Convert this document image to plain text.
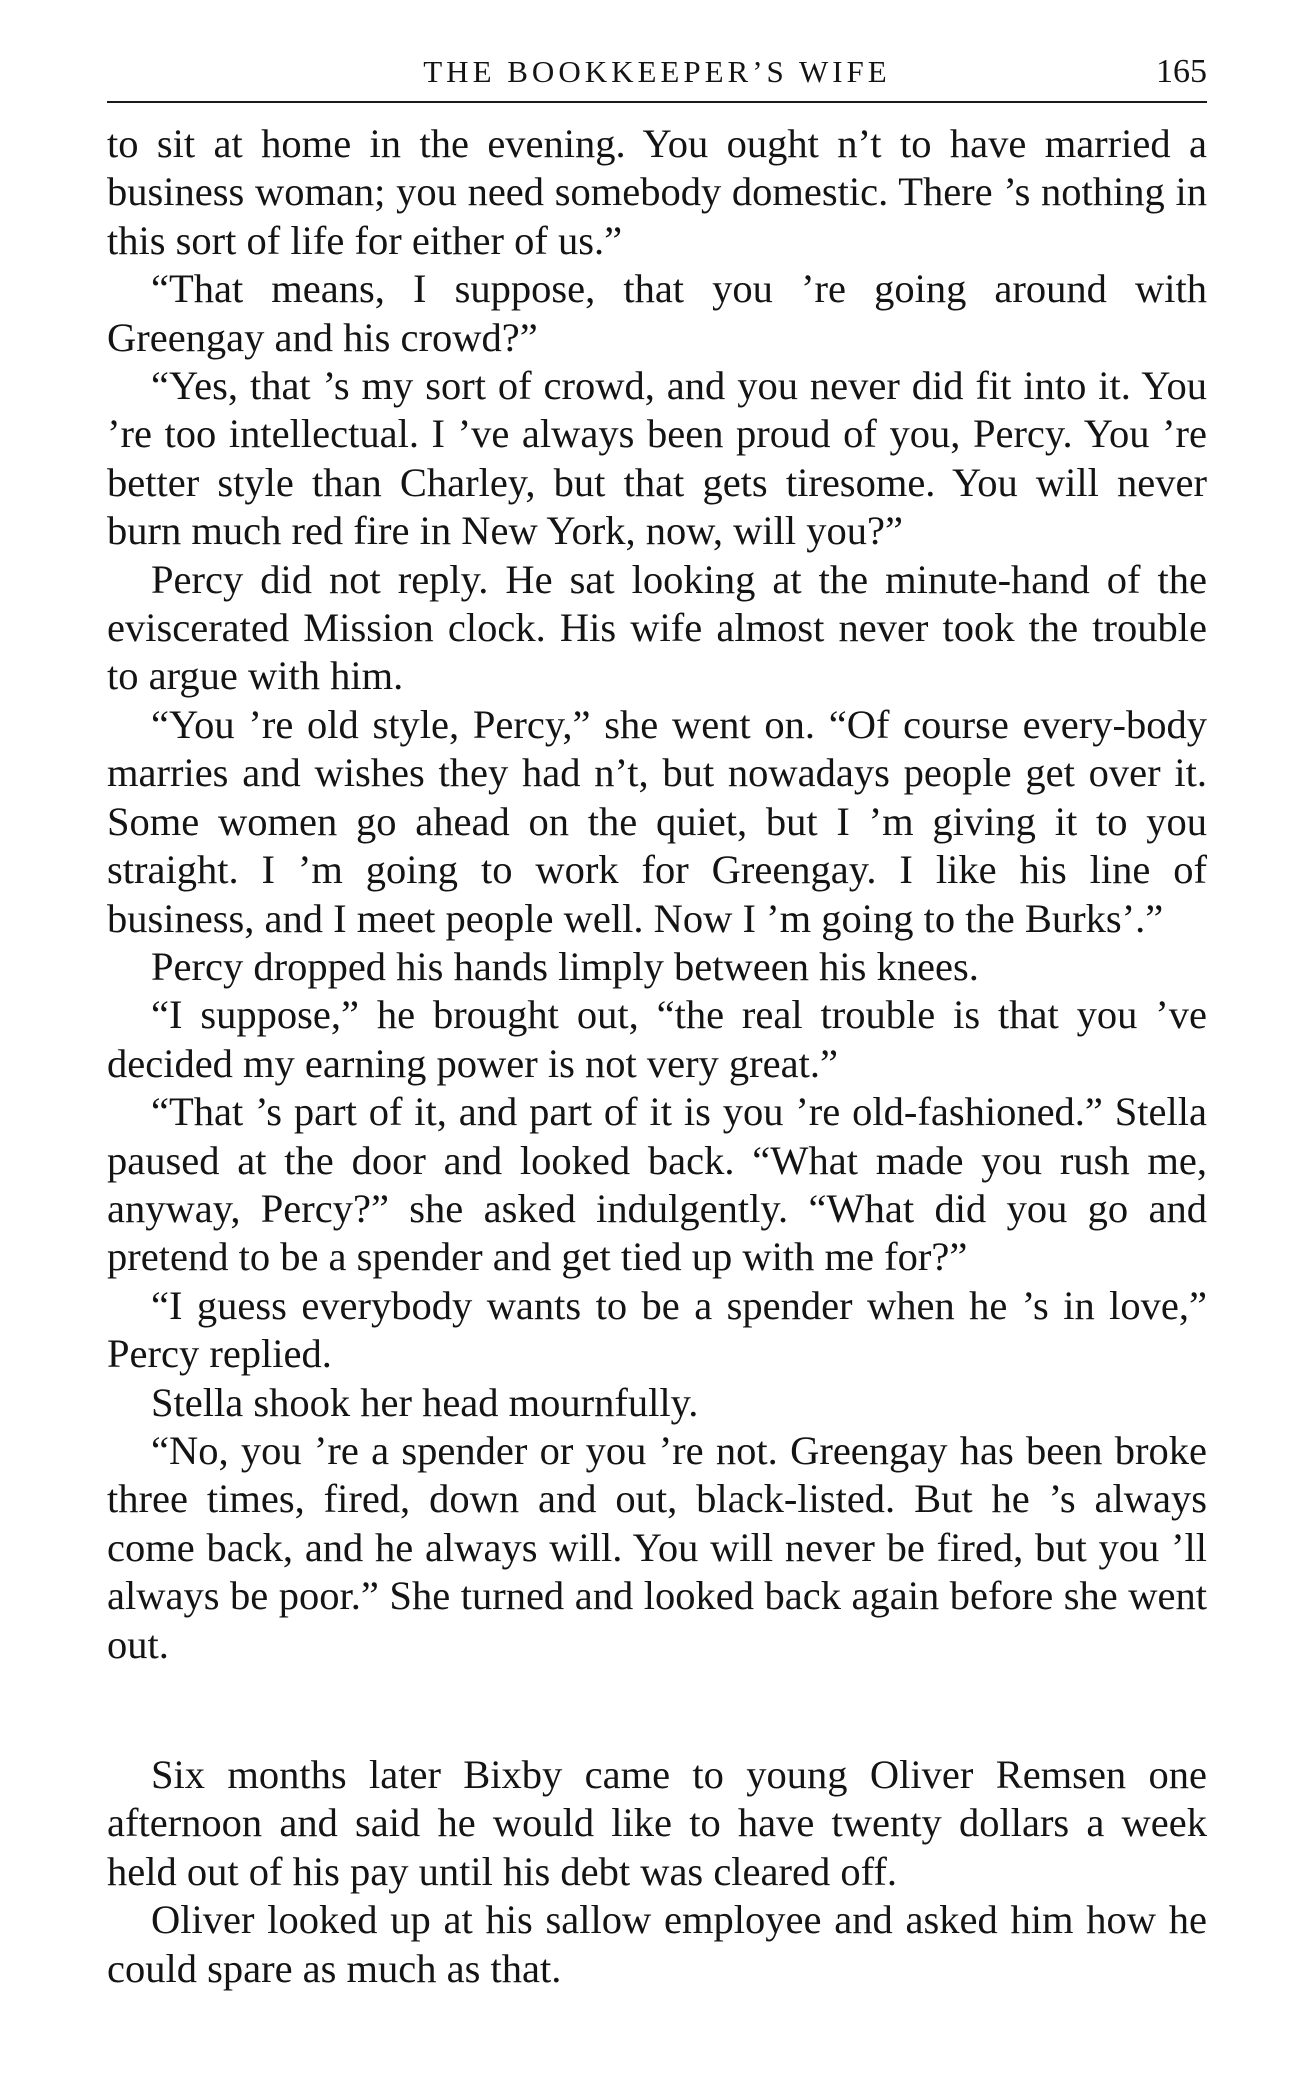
THE BOOKKEEPER’S WIFE	165

to sit at home in the evening. You ought n’t to have married a business woman; you need somebody domestic. There ’s nothing in this sort of life for either of us.”

“That means, I suppose, that you ’re going around with Greengay and his crowd?”

“Yes, that ’s my sort of crowd, and you never did fit into it. You ’re too intellectual. I ’ve always been proud of you, Percy. You ’re better style than Charley, but that gets tiresome. You will never burn much red fire in New York, now, will you?”

Percy did not reply. He sat looking at the minute-hand of the eviscerated Mission clock. His wife almost never took the trouble to argue with him.

“You ’re old style, Percy,” she went on. “Of course every-body marries and wishes they had n’t, but nowadays people get over it. Some women go ahead on the quiet, but I ’m giving it to you straight. I ’m going to work for Greengay. I like his line of business, and I meet people well. Now I ’m going to the Burks’.”

Percy dropped his hands limply between his knees.

“I suppose,” he brought out, “the real trouble is that you ’ve decided my earning power is not very great.”

“That ’s part of it, and part of it is you ’re old-fashioned.” Stella paused at the door and looked back. “What made you rush me, anyway, Percy?” she asked indulgently. “What did you go and pretend to be a spender and get tied up with me for?”

“I guess everybody wants to be a spender when he ’s in love,” Percy replied.

Stella shook her head mournfully.

“No, you ’re a spender or you ’re not. Greengay has been broke three times, fired, down and out, black-listed. But he ’s always come back, and he always will. You will never be fired, but you ’ll always be poor.” She turned and looked back again before she went out.

Six months later Bixby came to young Oliver Remsen one afternoon and said he would like to have twenty dollars a week held out of his pay until his debt was cleared off.

Oliver looked up at his sallow employee and asked him how he could spare as much as that.
